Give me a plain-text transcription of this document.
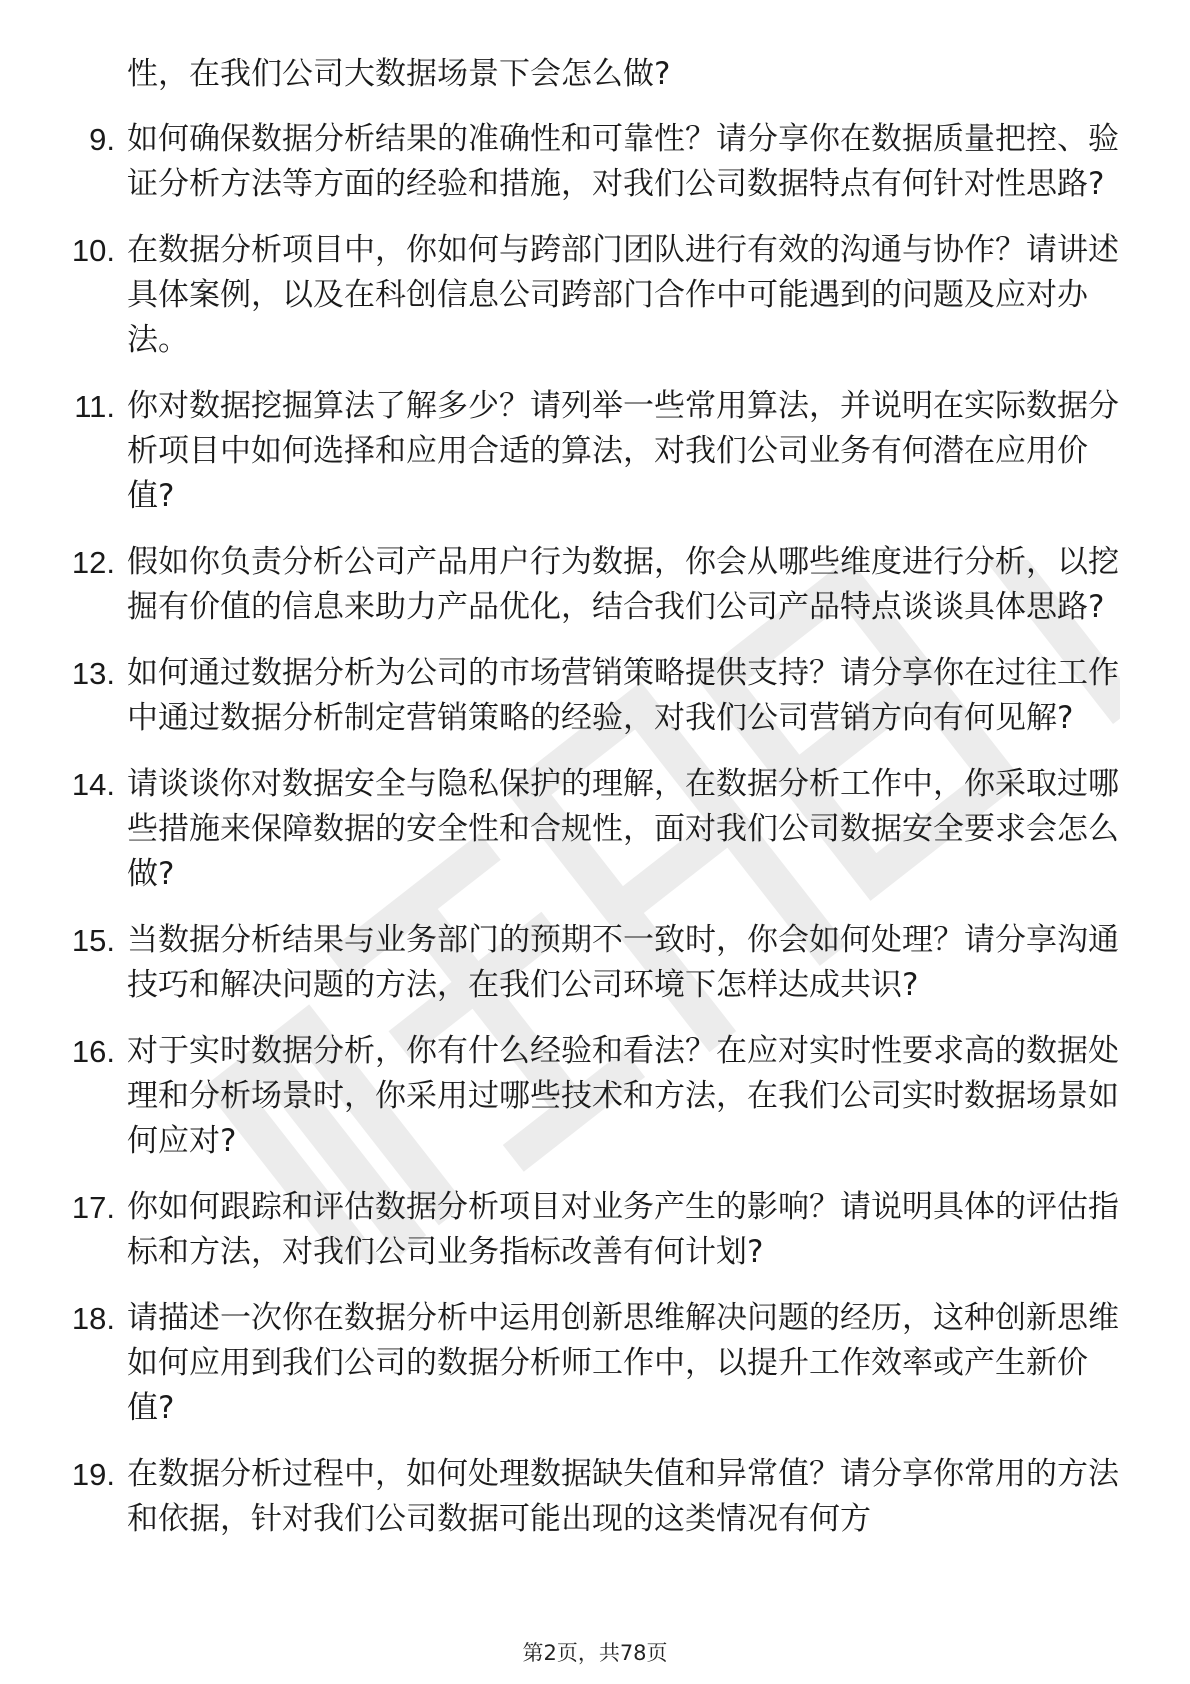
性，在我们公司大数据场景下会怎么做?
9. 如何确保数据分析结果的准确性和可靠性？请分享你在数据质量把控、验证分析方法等方面的经验和措施，对我们公司数据特点有何针对性思路?
10. 在数据分析项目中，你如何与跨部门团队进行有效的沟通与协作？请讲述具体案例，以及在科创信息公司跨部门合作中可能遇到的问题及应对办法。
11. 你对数据挖掘算法了解多少？请列举一些常用算法，并说明在实际数据分析项目中如何选择和应用合适的算法，对我们公司业务有何潜在应用价值?
12. 假如你负责分析公司产品用户行为数据，你会从哪些维度进行分析，以挖掘有价值的信息来助力产品优化，结合我们公司产品特点谈谈具体思路?
13. 如何通过数据分析为公司的市场营销策略提供支持？请分享你在过往工作中通过数据分析制定营销策略的经验，对我们公司营销方向有何见解?
14. 请谈谈你对数据安全与隐私保护的理解，在数据分析工作中，你采取过哪些措施来保障数据的安全性和合规性，面对我们公司数据安全要求会怎么做?
15. 当数据分析结果与业务部门的预期不一致时，你会如何处理？请分享沟通技巧和解决问题的方法，在我们公司环境下怎样达成共识?
16. 对于实时数据分析，你有什么经验和看法？在应对实时性要求高的数据处理和分析场景时，你采用过哪些技术和方法，在我们公司实时数据场景如何应对?
17. 你如何跟踪和评估数据分析项目对业务产生的影响？请说明具体的评估指标和方法，对我们公司业务指标改善有何计划?
18. 请描述一次你在数据分析中运用创新思维解决问题的经历，这种创新思维如何应用到我们公司的数据分析师工作中，以提升工作效率或产生新价值?
19. 在数据分析过程中，如何处理数据缺失值和异常值？请分享你常用的方法和依据，针对我们公司数据可能出现的这类情况有何方
第2页，共78页
